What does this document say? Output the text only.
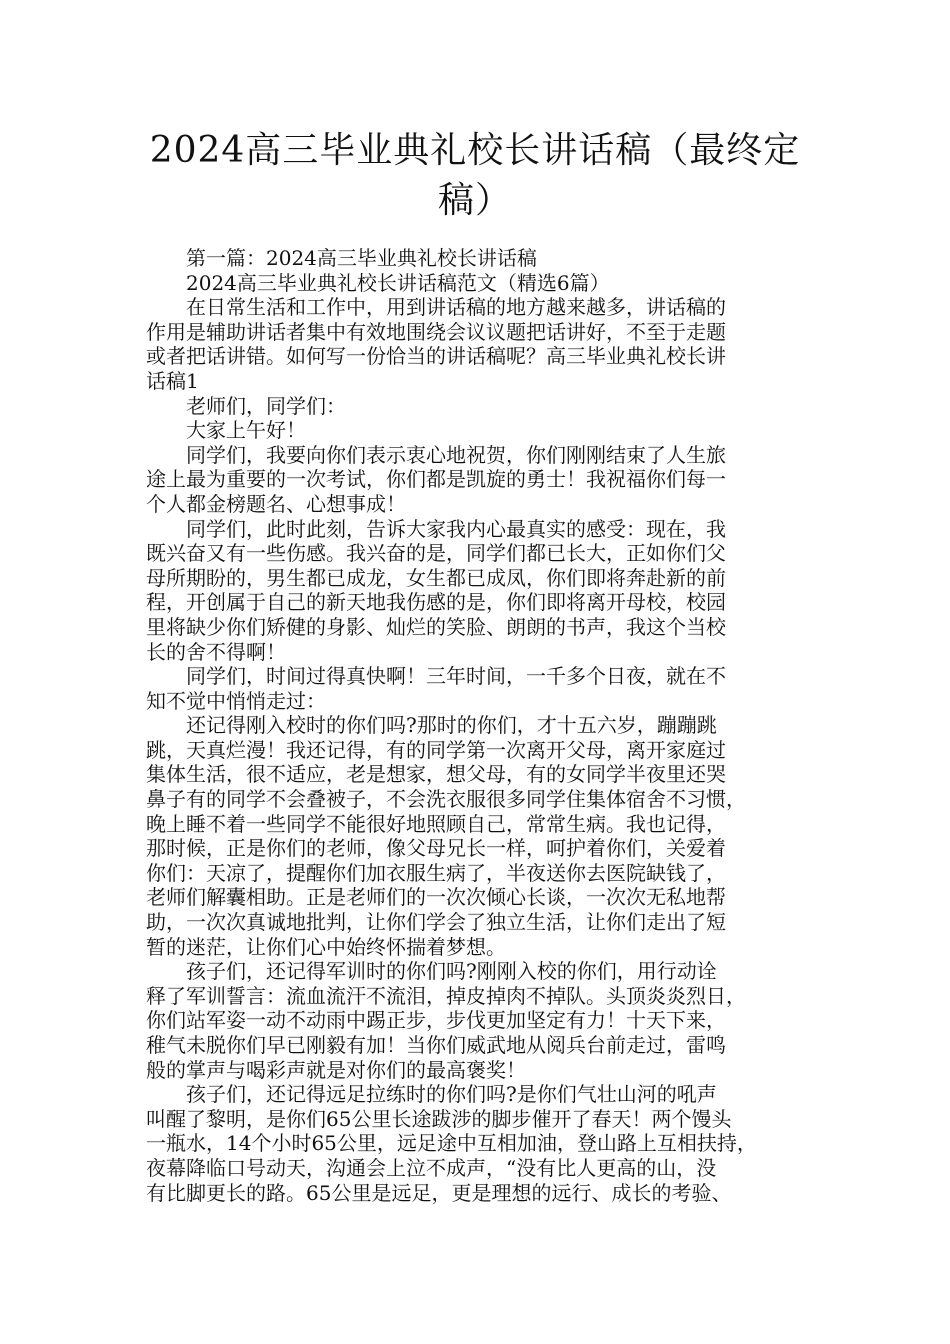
2024高三毕业典礼校长讲话稿（最终定
稿）

第一篇：2024高三毕业典礼校长讲话稿

2024高三毕业典礼校长讲话稿范文（精选6篇）

在日常生活和工作中，用到讲话稿的地方越来越多，讲话稿的
作用是辅助讲话者集中有效地围绕会议议题把话讲好，不至于走题
或者把话讲错。如何写一份恰当的讲话稿呢？高三毕业典礼校长讲
话稿1

老师们，同学们：

大家上午好！

同学们，我要向你们表示衷心地祝贺，你们刚刚结束了人生旅
途上最为重要的一次考试，你们都是凯旋的勇士！我祝福你们每一
个人都金榜题名、心想事成！

同学们，此时此刻，告诉大家我内心最真实的感受：现在，我
既兴奋又有一些伤感。我兴奋的是，同学们都已长大，正如你们父
母所期盼的，男生都已成龙，女生都已成凤，你们即将奔赴新的前
程，开创属于自己的新天地我伤感的是，你们即将离开母校，校园
里将缺少你们矫健的身影、灿烂的笑脸、朗朗的书声，我这个当校
长的舍不得啊！

同学们，时间过得真快啊！三年时间，一千多个日夜，就在不
知不觉中悄悄走过：

还记得刚入校时的你们吗?那时的你们，才十五六岁，蹦蹦跳
跳，天真烂漫！我还记得，有的同学第一次离开父母，离开家庭过
集体生活，很不适应，老是想家，想父母，有的女同学半夜里还哭
鼻子有的同学不会叠被子，不会洗衣服很多同学住集体宿舍不习惯，
晚上睡不着一些同学不能很好地照顾自己，常常生病。我也记得，
那时候，正是你们的老师，像父母兄长一样，呵护着你们，关爱着
你们：天凉了，提醒你们加衣服生病了，半夜送你去医院缺钱了，
老师们解囊相助。正是老师们的一次次倾心长谈，一次次无私地帮
助，一次次真诚地批判，让你们学会了独立生活，让你们走出了短
暂的迷茫，让你们心中始终怀揣着梦想。

孩子们，还记得军训时的你们吗?刚刚入校的你们，用行动诠
释了军训誓言：流血流汗不流泪，掉皮掉肉不掉队。头顶炎炎烈日，
你们站军姿一动不动雨中踢正步，步伐更加坚定有力！十天下来，
稚气未脱你们早已刚毅有加！当你们威武地从阅兵台前走过，雷鸣
般的掌声与喝彩声就是对你们的最高褒奖！

孩子们，还记得远足拉练时的你们吗?是你们气壮山河的吼声
叫醒了黎明，是你们65公里长途跋涉的脚步催开了春天！两个馒头
一瓶水，14个小时65公里，远足途中互相加油，登山路上互相扶持，
夜幕降临口号动天，沟通会上泣不成声，“没有比人更高的山，没
有比脚更长的路。65公里是远足，更是理想的远行、成长的考验、
